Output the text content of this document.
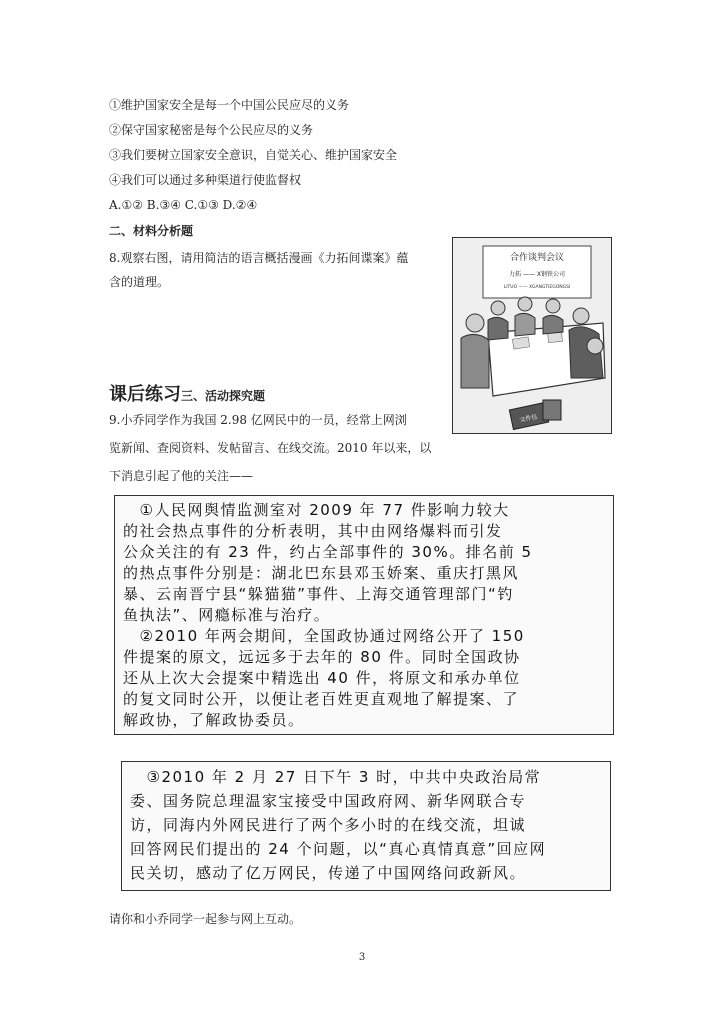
①维护国家安全是每一个中国公民应尽的义务
②保守国家秘密是每个公民应尽的义务
③我们要树立国家安全意识，自觉关心、维护国家安全
④我们可以通过多种渠道行使监督权
A.①② B.③④ C.①③ D.②④
二、材料分析题
8.观察右图，请用简洁的语言概括漫画《力拓间谍案》蕴
含的道理。
合作谈判会议
力拓 —— X钢铁公司
LITUO —— XGANGTIEGONGSI
文件包
课后练习三、活动探究题
9.小乔同学作为我国 2.98 亿网民中的一员，经常上网浏
览新闻、查阅资料、发帖留言、在线交流。2010 年以来，以
下消息引起了他的关注——
　①人民网舆情监测室对 2009 年 77 件影响力较大
的社会热点事件的分析表明，其中由网络爆料而引发
公众关注的有 23 件，约占全部事件的 30%。排名前 5
的热点事件分别是：湖北巴东县邓玉娇案、重庆打黑风
暴、云南晋宁县“躲猫猫”事件、上海交通管理部门“钓
鱼执法”、网瘾标准与治疗。
　②2010 年两会期间，全国政协通过网络公开了 150
件提案的原文，远远多于去年的 80 件。同时全国政协
还从上次大会提案中精选出 40 件，将原文和承办单位
的复文同时公开，以便让老百姓更直观地了解提案、了
解政协，了解政协委员。
　③2010 年 2 月 27 日下午 3 时，中共中央政治局常
委、国务院总理温家宝接受中国政府网、新华网联合专
访，同海内外网民进行了两个多小时的在线交流，坦诚
回答网民们提出的 24 个问题，以“真心真情真意”回应网
民关切，感动了亿万网民，传递了中国网络问政新风。
请你和小乔同学一起参与网上互动。
3
